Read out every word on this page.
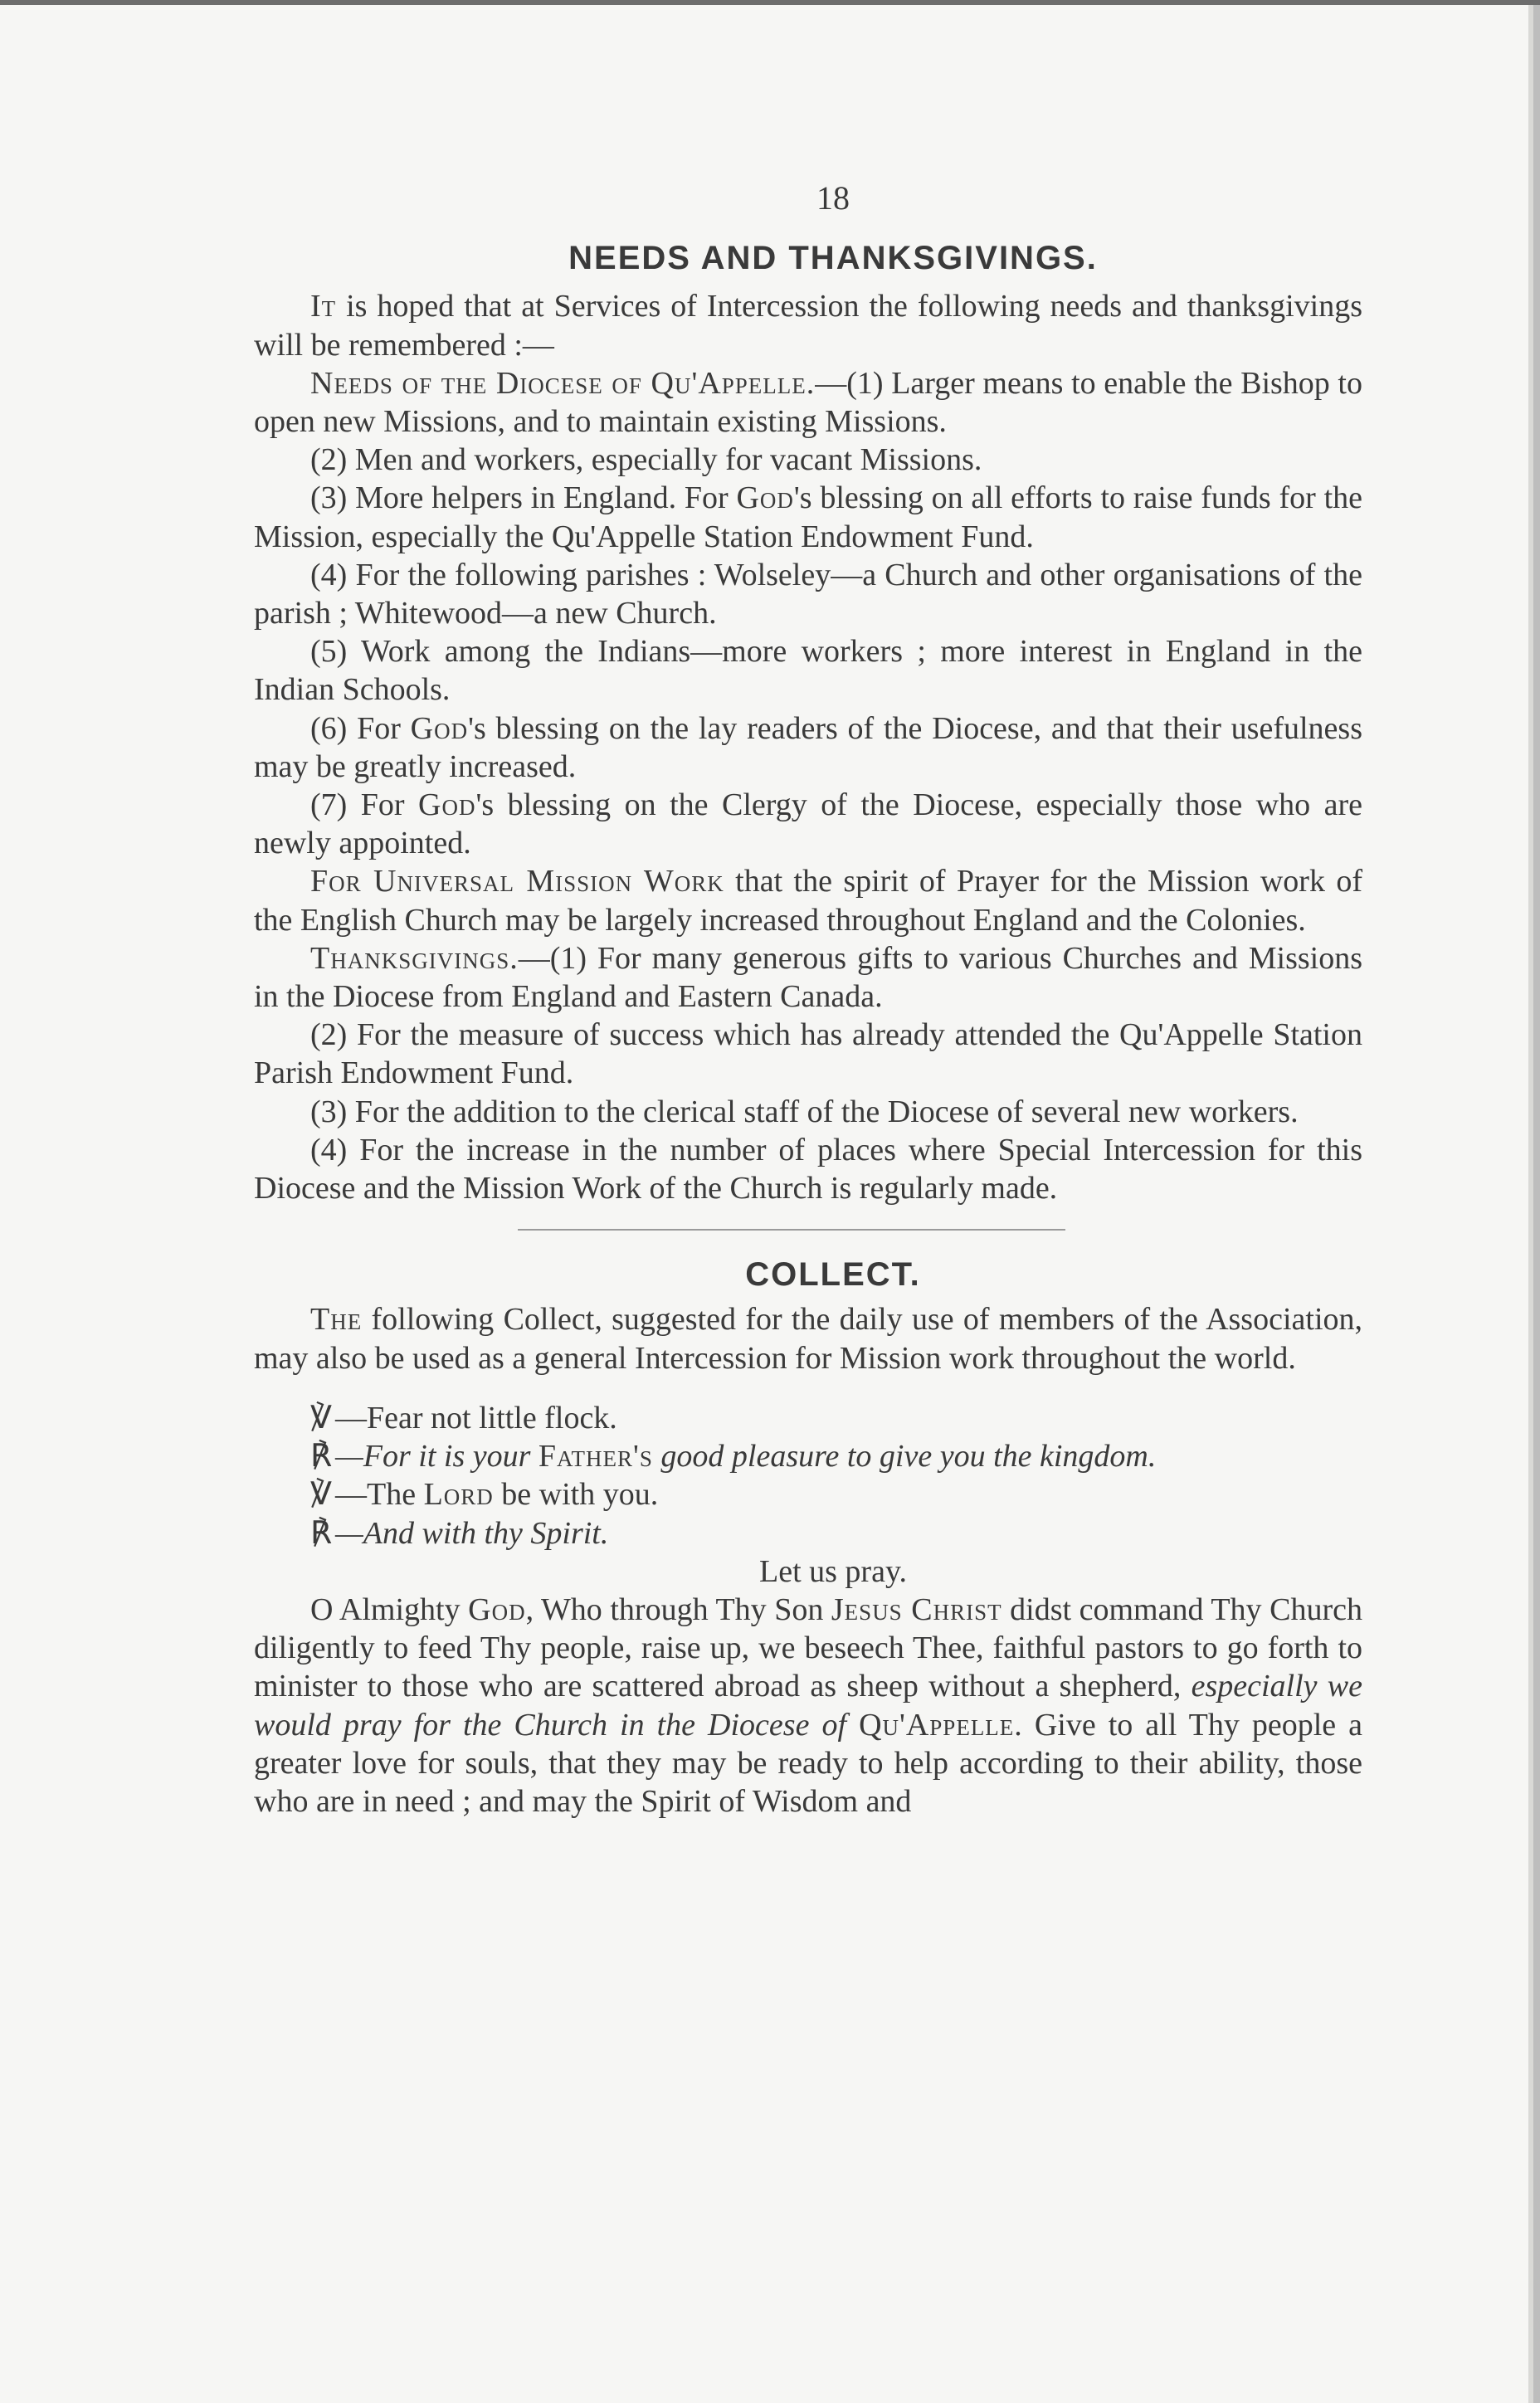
18
NEEDS AND THANKSGIVINGS.

It is hoped that at Services of Intercession the following needs and thanksgivings will be remembered :—

Needs of the Diocese of Qu'Appelle.—(1) Larger means to enable the Bishop to open new Missions, and to maintain existing Missions.

(2) Men and workers, especially for vacant Missions.

(3) More helpers in England. For God's blessing on all efforts to raise funds for the Mission, especially the Qu'Appelle Station Endowment Fund.

(4) For the following parishes : Wolseley—a Church and other organisations of the parish ; Whitewood—a new Church.

(5) Work among the Indians—more workers ; more interest in England in the Indian Schools.

(6) For God's blessing on the lay readers of the Diocese, and that their usefulness may be greatly increased.

(7) For God's blessing on the Clergy of the Diocese, especially those who are newly appointed.

For Universal Mission Work that the spirit of Prayer for the Mission work of the English Church may be largely increased throughout England and the Colonies.

Thanksgivings.—(1) For many generous gifts to various Churches and Missions in the Diocese from England and Eastern Canada.

(2) For the measure of success which has already attended the Qu'Appelle Station Parish Endowment Fund.

(3) For the addition to the clerical staff of the Diocese of several new workers.

(4) For the increase in the number of places where Special Intercession for this Diocese and the Mission Work of the Church is regularly made.

COLLECT.

The following Collect, suggested for the daily use of members of the Association, may also be used as a general Intercession for Mission work throughout the world.

℣ —Fear not little flock.
℟ —For it is your Father's good pleasure to give you the kingdom.
℣ —The Lord be with you.
℟ —And with thy Spirit.

Let us pray.

O Almighty God, Who through Thy Son Jesus Christ didst command Thy Church diligently to feed Thy people, raise up, we beseech Thee, faithful pastors to go forth to minister to those who are scattered abroad as sheep without a shepherd, especially we would pray for the Church in the Diocese of Qu'Appelle. Give to all Thy people a greater love for souls, that they may be ready to help according to their ability, those who are in need ; and may the Spirit of Wisdom and
